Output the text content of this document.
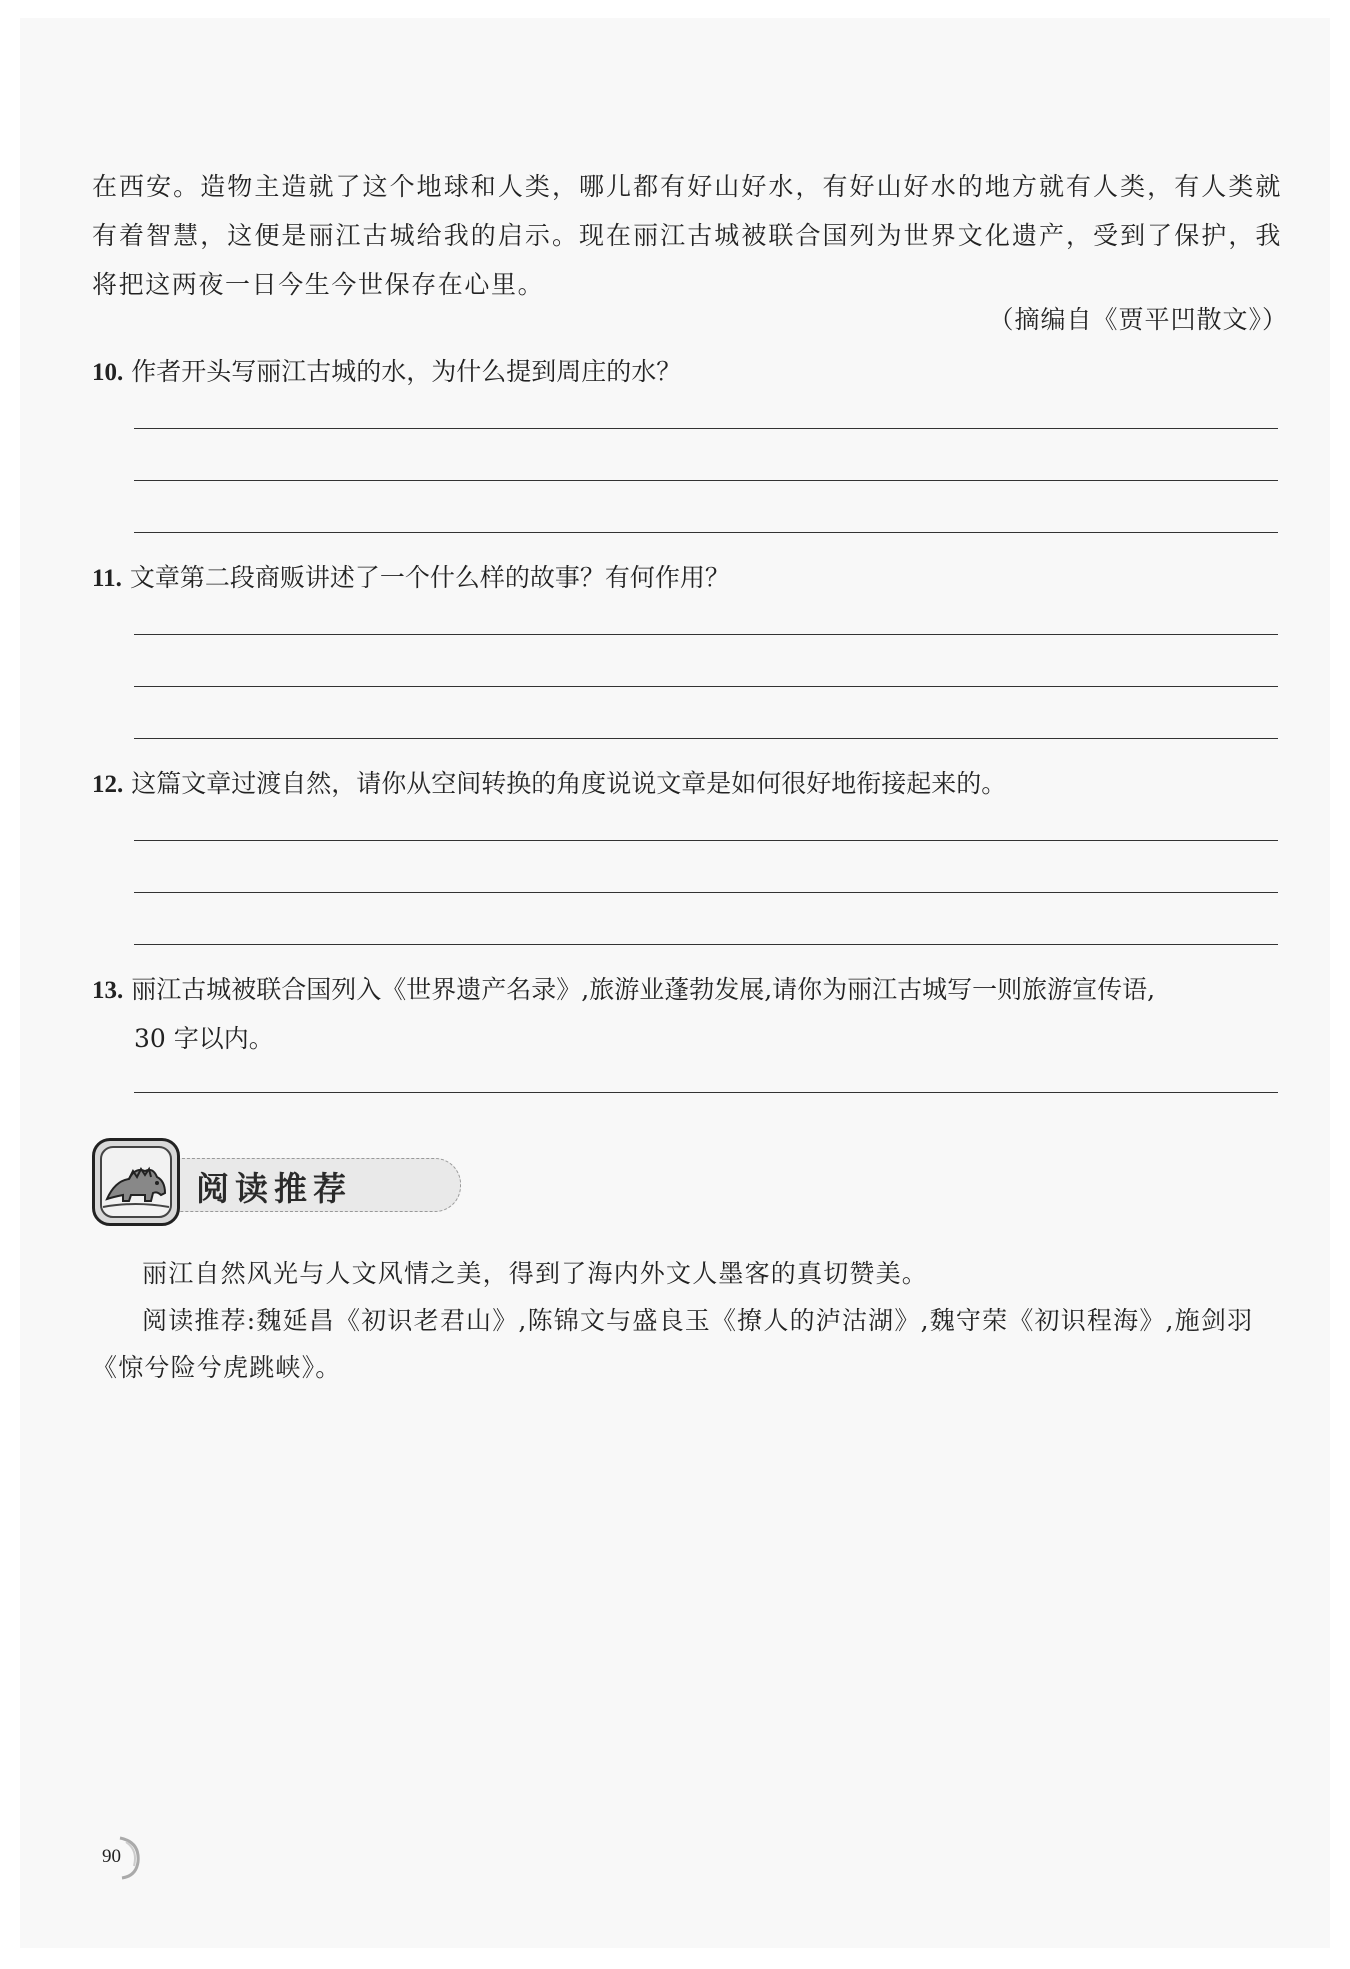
在西安。造物主造就了这个地球和人类，哪儿都有好山好水，有好山好水的地方就有人类，有人类就有着智慧，这便是丽江古城给我的启示。现在丽江古城被联合国列为世界文化遗产，受到了保护，我将把这两夜一日今生今世保存在心里。

（摘编自《贾平凹散文》）
10. 作者开头写丽江古城的水，为什么提到周庄的水？
11. 文章第二段商贩讲述了一个什么样的故事？有何作用？
12. 这篇文章过渡自然，请你从空间转换的角度说说文章是如何很好地衔接起来的。
13. 丽江古城被联合国列入《世界遗产名录》,旅游业蓬勃发展,请你为丽江古城写一则旅游宣传语,
30 字以内。
阅读推荐

丽江自然风光与人文风情之美，得到了海内外文人墨客的真切赞美。

阅读推荐:魏延昌《初识老君山》,陈锦文与盛良玉《撩人的泸沽湖》,魏守荣《初识程海》,施剑羽《惊兮险兮虎跳峡》。

90
